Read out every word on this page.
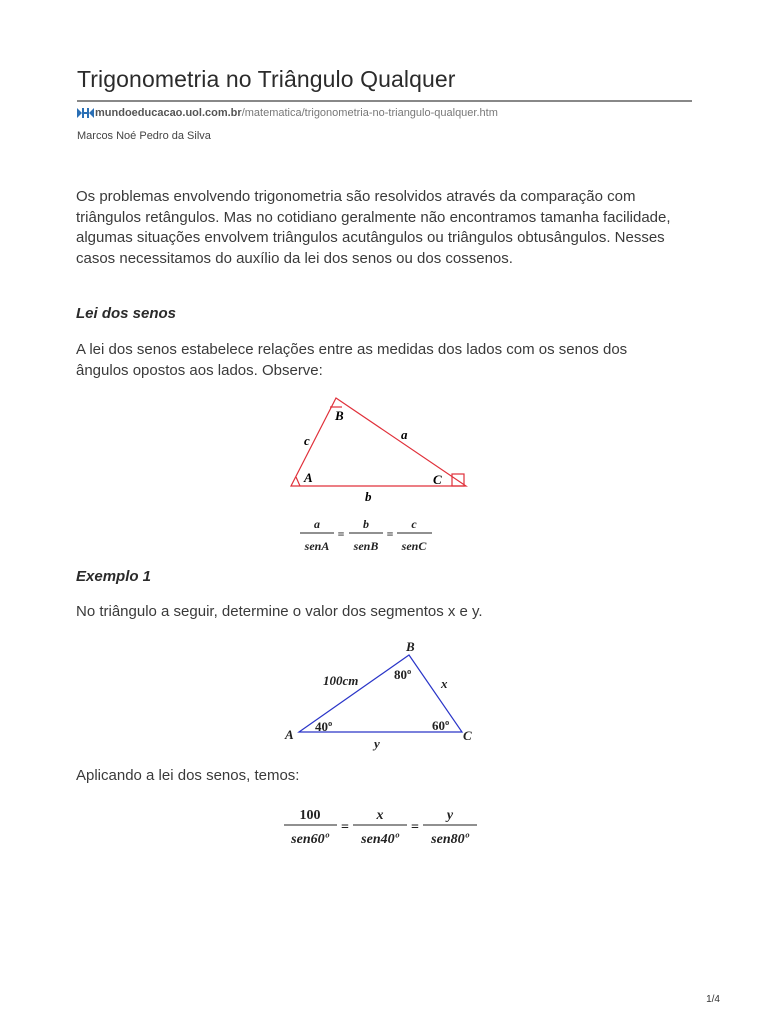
Trigonometria no Triângulo Qualquer
mundoeducacao.uol.com.br /matematica/trigonometria-no-triangulo-qualquer.htm
Marcos Noé Pedro da Silva

Os problemas envolvendo trigonometria são resolvidos através da comparação com triângulos retângulos. Mas no cotidiano geralmente não encontramos tamanha facilidade, algumas situações envolvem triângulos acutângulos ou triângulos obtusângulos. Nesses casos necessitamos do auxílio da lei dos senos ou dos cossenos.

Lei dos senos

A lei dos senos estabelece relações entre as medidas dos lados com os senos dos ângulos opostos aos lados. Observe:

B
a
c
A	C
b
a
senA
=
b
senB
=
c
senC
Exemplo 1

No triângulo a seguir, determine o valor dos segmentos x e y.

B
100cm	80º
x
40º	60º
A	C
y

Aplicando a lei dos senos, temos:

100
sen60º
=
x
sen40º
=
y
sen80º
1/4
